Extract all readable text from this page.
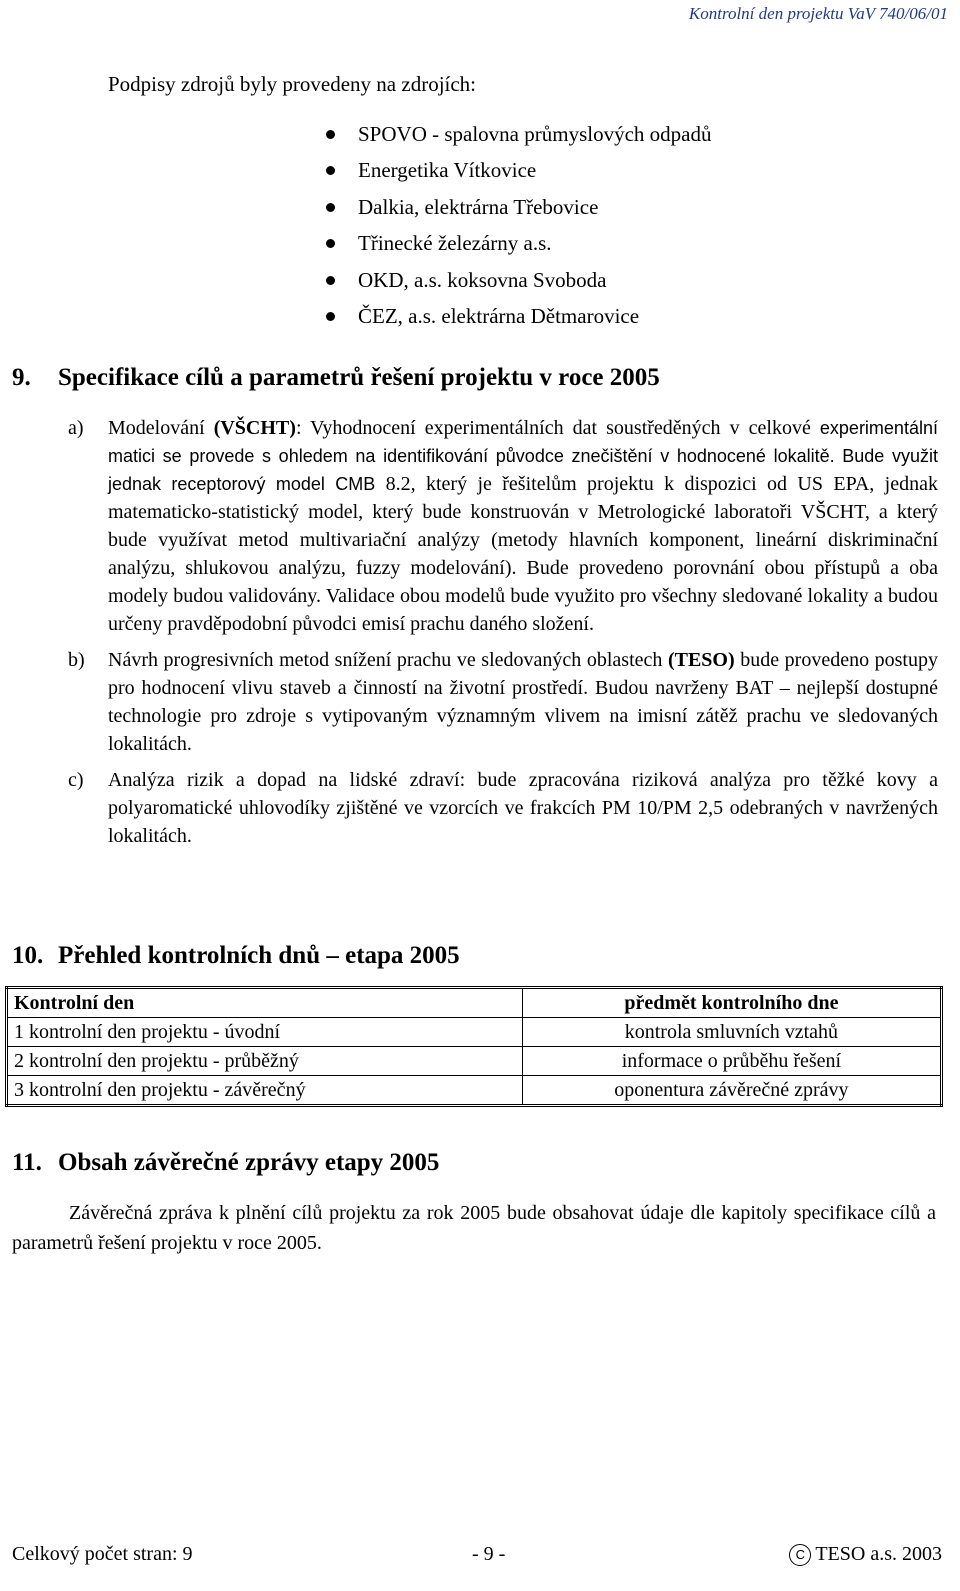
Kontrolní den projektu VaV 740/06/01
Podpisy zdrojů byly provedeny na zdrojích:
SPOVO - spalovna průmyslových odpadů
Energetika Vítkovice
Dalkia, elektrárna Třebovice
Třinecké železárny a.s.
OKD, a.s. koksovna Svoboda
ČEZ, a.s. elektrárna Dětmarovice
9. Specifikace cílů a parametrů řešení projektu v roce 2005
a)	Modelování (VŠCHT): Vyhodnocení experimentálních dat soustředěných v celkové experimentální matici se provede s ohledem na identifikování původce znečištění v hodnocené lokalitě. Bude využit jednak receptorový model CMB 8.2, který je řešitelům projektu k dispozici od US EPA, jednak matematicko-statistický model, který bude konstruován v Metrologické laboratoři VŠCHT, a který bude využívat metod multivariační analýzy (metody hlavních komponent, lineární diskriminační analýzu, shlukovou analýzu, fuzzy modelování). Bude provedeno porovnání obou přístupů a oba modely budou validovány. Validace obou modelů bude využito pro všechny sledované lokality a budou určeny pravděpodobní původci emisí prachu daného složení.
b)	Návrh progresivních metod snížení prachu ve sledovaných oblastech (TESO) bude provedeno postupy pro hodnocení vlivu staveb a činností na životní prostředí. Budou navrženy BAT – nejlepší dostupné technologie pro zdroje s vytipovaným významným vlivem na imisní zátěž prachu ve sledovaných lokalitách.
c)	Analýza rizik a dopad na lidské zdraví: bude zpracována riziková analýza pro těžké kovy a polyaromatické uhlovodíky zjištěné ve vzorcích ve frakcích PM 10/PM 2,5 odebraných v navržených lokalitách.
10. Přehled kontrolních dnů – etapa 2005
Kontrolní den	předmět kontrolního dne
1 kontrolní den projektu - úvodní	kontrola smluvních vztahů
2 kontrolní den projektu - průběžný	informace o průběhu řešení
3 kontrolní den projektu - závěrečný	oponentura závěrečné zprávy
11. Obsah závěrečné zprávy etapy 2005
Závěrečná zpráva k plnění cílů projektu za rok 2005 bude obsahovat údaje dle kapitoly specifikace cílů a parametrů řešení projektu v roce 2005.
Celkový počet stran: 9	- 9 -	C TESO a.s. 2003
